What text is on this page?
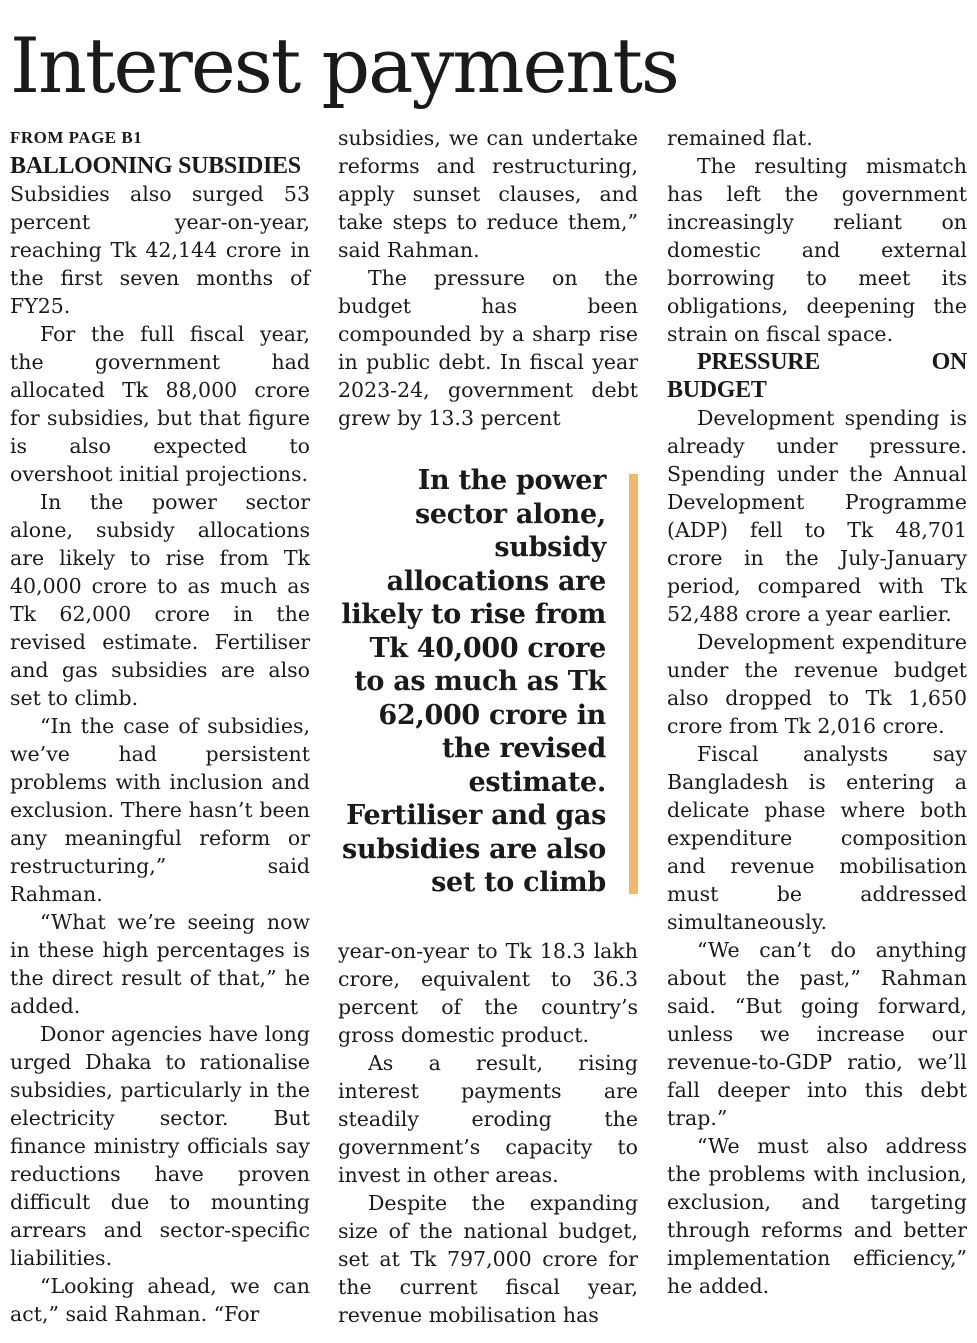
Interest payments
FROM PAGE B1
BALLOONING SUBSIDIES

Subsidies also surged 53 percent year-on-year, reaching Tk 42,144 crore in the first seven months of FY25.

For the full fiscal year, the government had allocated Tk 88,000 crore for subsidies, but that figure is also expected to overshoot initial projections.

In the power sector alone, subsidy allocations are likely to rise from Tk 40,000 crore to as much as Tk 62,000 crore in the revised estimate. Fertiliser and gas subsidies are also set to climb.

“In the case of subsidies, we’ve had persistent problems with inclusion and exclusion. There hasn’t been any meaningful reform or restructuring,” said Rahman.

“What we’re seeing now in these high percentages is the direct result of that,” he added.

Donor agencies have long urged Dhaka to rationalise subsidies, particularly in the electricity sector. But finance ministry officials say reductions have proven difficult due to mounting arrears and sector-specific liabilities.

“Looking ahead, we can act,” said Rahman. “For

subsidies, we can undertake reforms and restructuring, apply sunset clauses, and take steps to reduce them,” said Rahman.

The pressure on the budget has been compounded by a sharp rise in public debt. In fiscal year 2023-24, government debt grew by 13.3 percent

In the power sector alone, subsidy allocations are likely to rise from Tk 40,000 crore to as much as Tk 62,000 crore in the revised estimate. Fertiliser and gas subsidies are also set to climb

year-on-year to Tk 18.3 lakh crore, equivalent to 36.3 percent of the country’s gross domestic product.

As a result, rising interest payments are steadily eroding the government’s capacity to invest in other areas.

Despite the expanding size of the national budget, set at Tk 797,000 crore for the current fiscal year, revenue mobilisation has

remained flat.

The resulting mismatch has left the government increasingly reliant on domestic and external borrowing to meet its obligations, deepening the strain on fiscal space.

PRESSURE ON
BUDGET

Development spending is already under pressure. Spending under the Annual Development Programme (ADP) fell to Tk 48,701 crore in the July-January period, compared with Tk 52,488 crore a year earlier.

Development expenditure under the revenue budget also dropped to Tk 1,650 crore from Tk 2,016 crore.

Fiscal analysts say Bangladesh is entering a delicate phase where both expenditure composition and revenue mobilisation must be addressed simultaneously.

“We can’t do anything about the past,” Rahman said. “But going forward, unless we increase our revenue-to-GDP ratio, we’ll fall deeper into this debt trap.”

“We must also address the problems with inclusion, exclusion, and targeting through reforms and better implementation efficiency,” he added.
